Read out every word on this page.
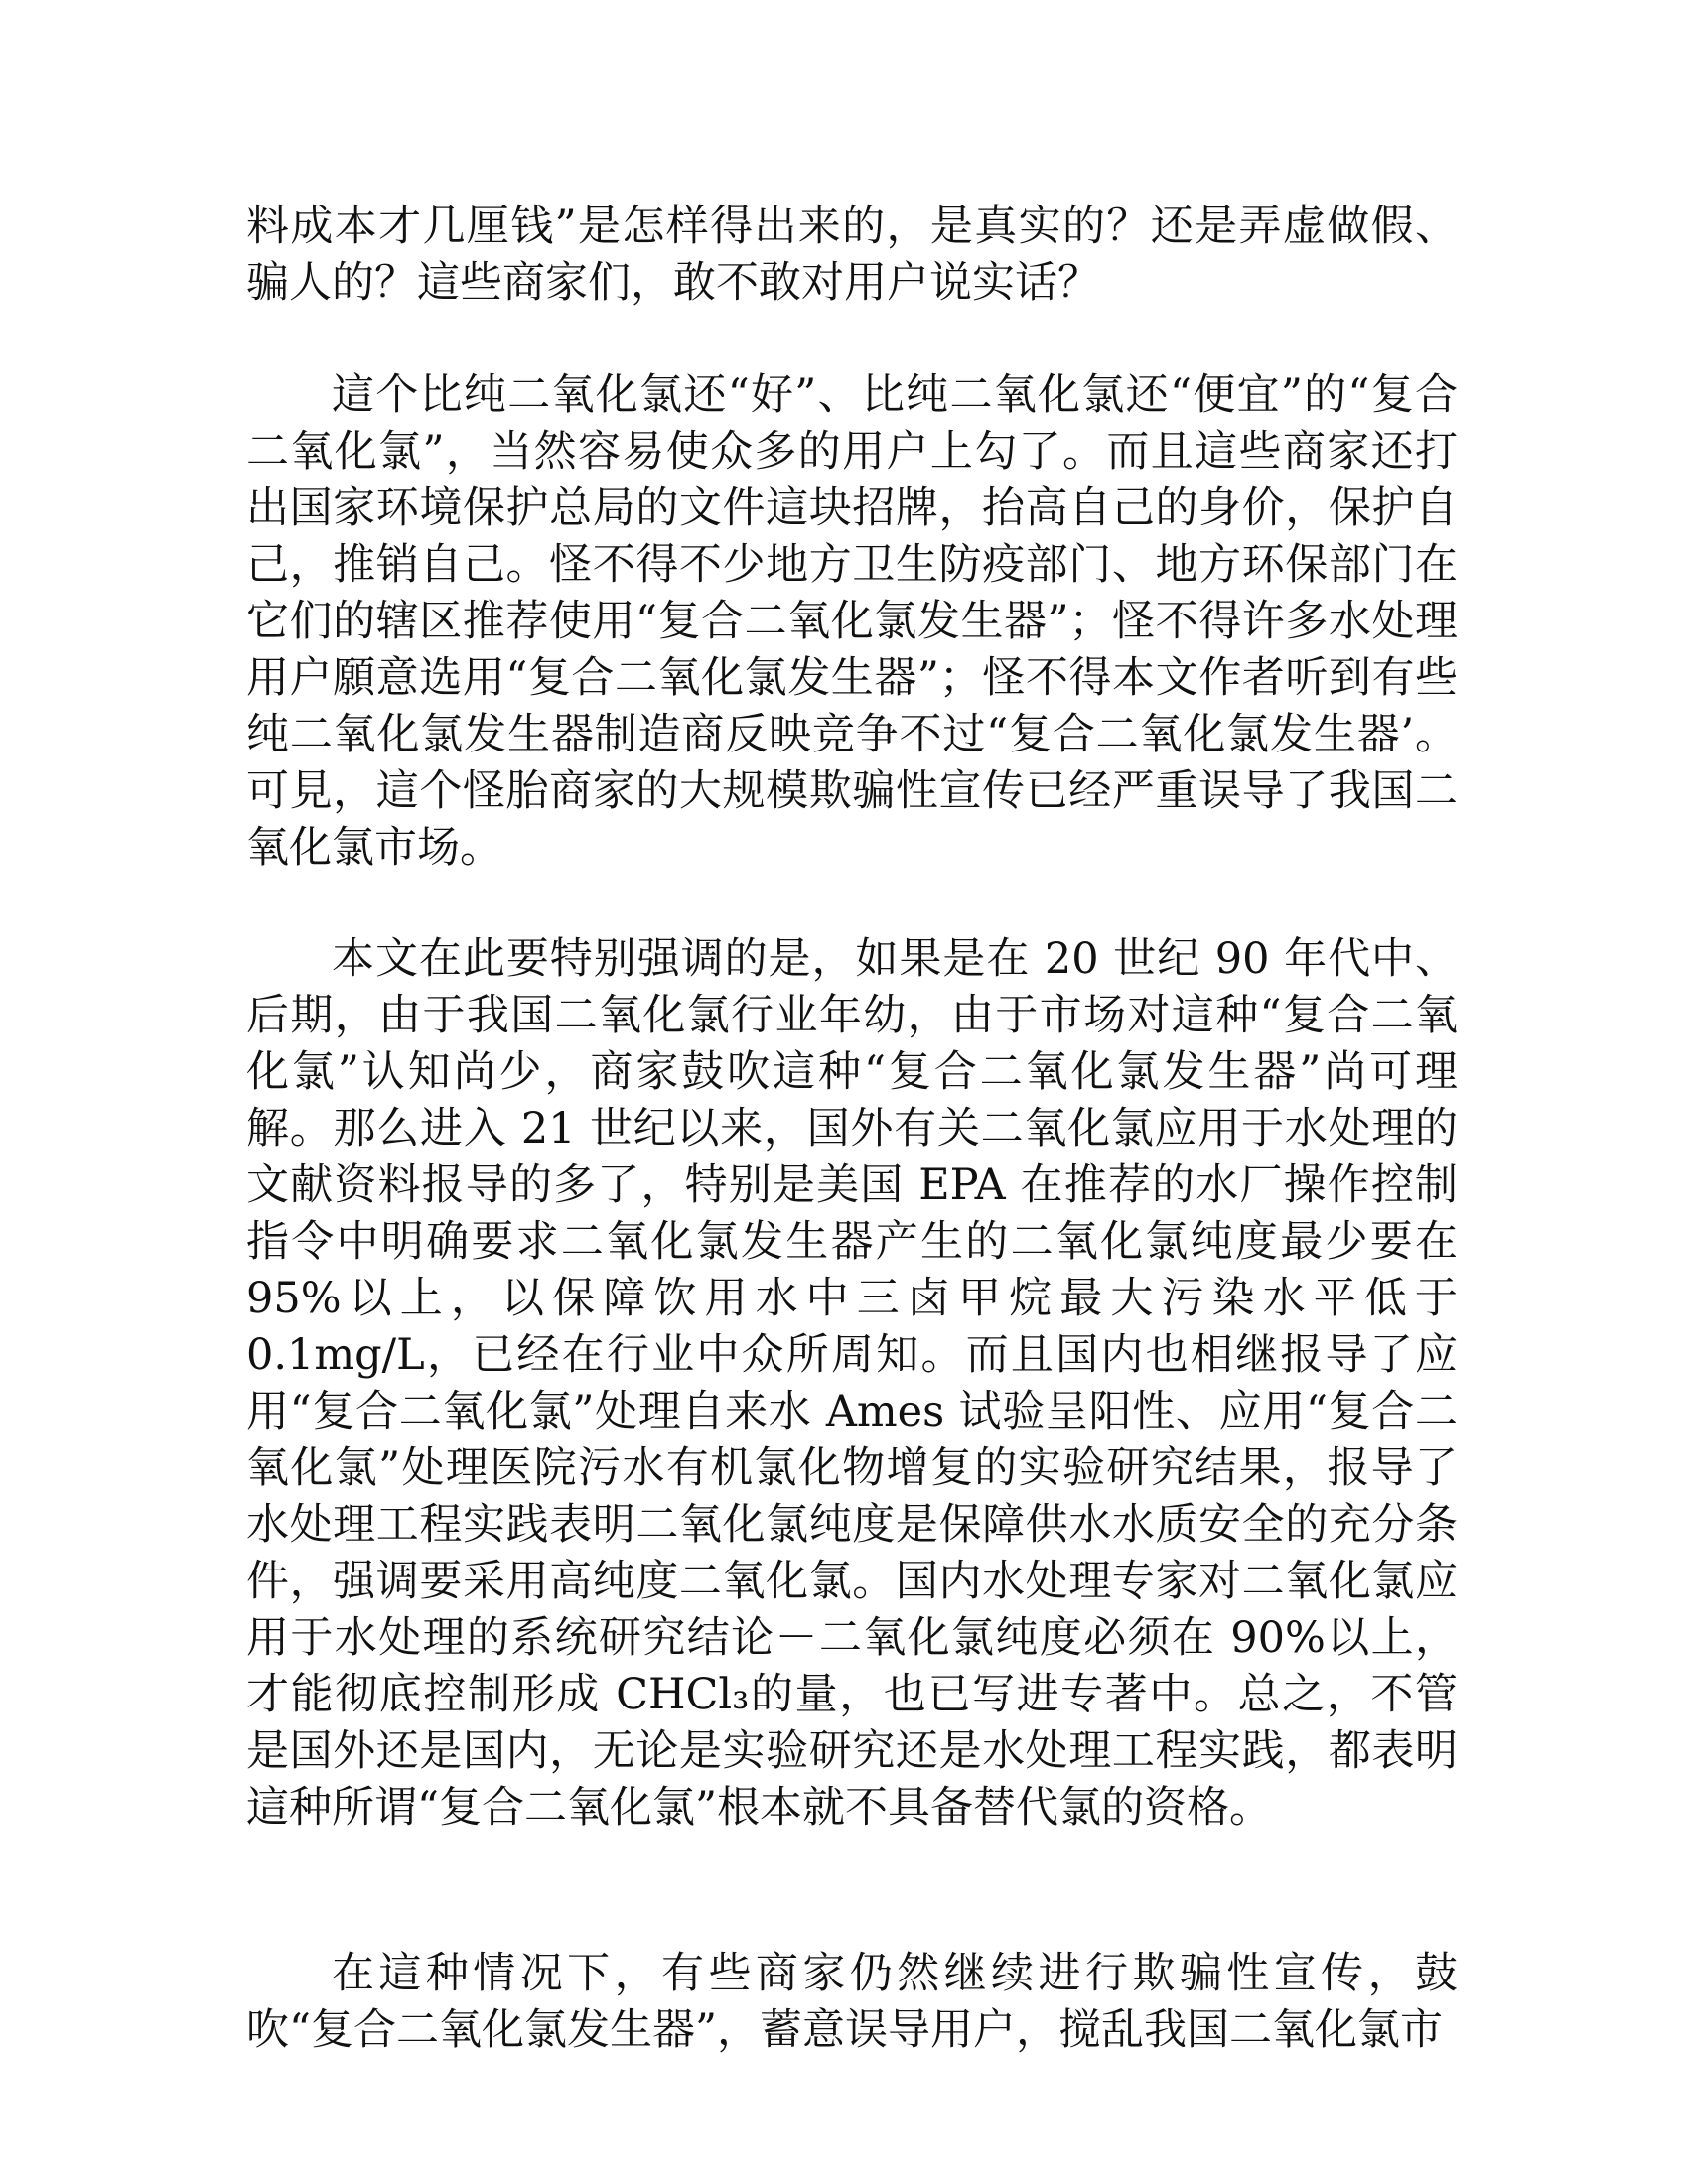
料成本才几厘钱”是怎样得出来的，是真实的？还是弄虚做假、骗人的？這些商家们，敢不敢对用户说实话？

這个比纯二氧化氯还“好”、比纯二氧化氯还“便宜”的“复合二氧化氯”，当然容易使众多的用户上勾了。而且這些商家还打出国家环境保护总局的文件這块招牌，抬高自己的身价，保护自己，推销自己。怪不得不少地方卫生防疫部门、地方环保部门在它们的辖区推荐使用“复合二氧化氯发生器”；怪不得许多水处理用户願意选用“复合二氧化氯发生器”；怪不得本文作者听到有些纯二氧化氯发生器制造商反映竞争不过“复合二氧化氯发生器’。可見，這个怪胎商家的大规模欺骗性宣传已经严重误导了我国二氧化氯市场。

本文在此要特别强调的是，如果是在 20 世纪 90 年代中、后期，由于我国二氧化氯行业年幼，由于市场对這种“复合二氧化氯”认知尚少，商家鼓吹這种“复合二氧化氯发生器”尚可理解。那么进入 21 世纪以来，国外有关二氧化氯应用于水处理的文献资料报导的多了，特别是美国 EPA 在推荐的水厂操作控制指令中明确要求二氧化氯发生器产生的二氧化氯纯度最少要在 95%以上，以保障饮用水中三卤甲烷最大污染水平低于 0.1mg/L，已经在行业中众所周知。而且国内也相继报导了应用“复合二氧化氯”处理自来水 Ames 试验呈阳性、应用“复合二氧化氯”处理医院污水有机氯化物增复的实验研究结果，报导了水处理工程实践表明二氧化氯纯度是保障供水水质安全的充分条件，强调要采用高纯度二氧化氯。国内水处理专家对二氧化氯应用于水处理的系统研究结论－二氧化氯纯度必须在 90%以上，才能彻底控制形成 CHCl₃的量，也已写进专著中。总之，不管是国外还是国内，无论是实验研究还是水处理工程实践，都表明這种所谓“复合二氧化氯”根本就不具备替代氯的资格。

在這种情况下，有些商家仍然继续进行欺骗性宣传，鼓吹“复合二氧化氯发生器”，蓄意误导用户，搅乱我国二氧化氯市
